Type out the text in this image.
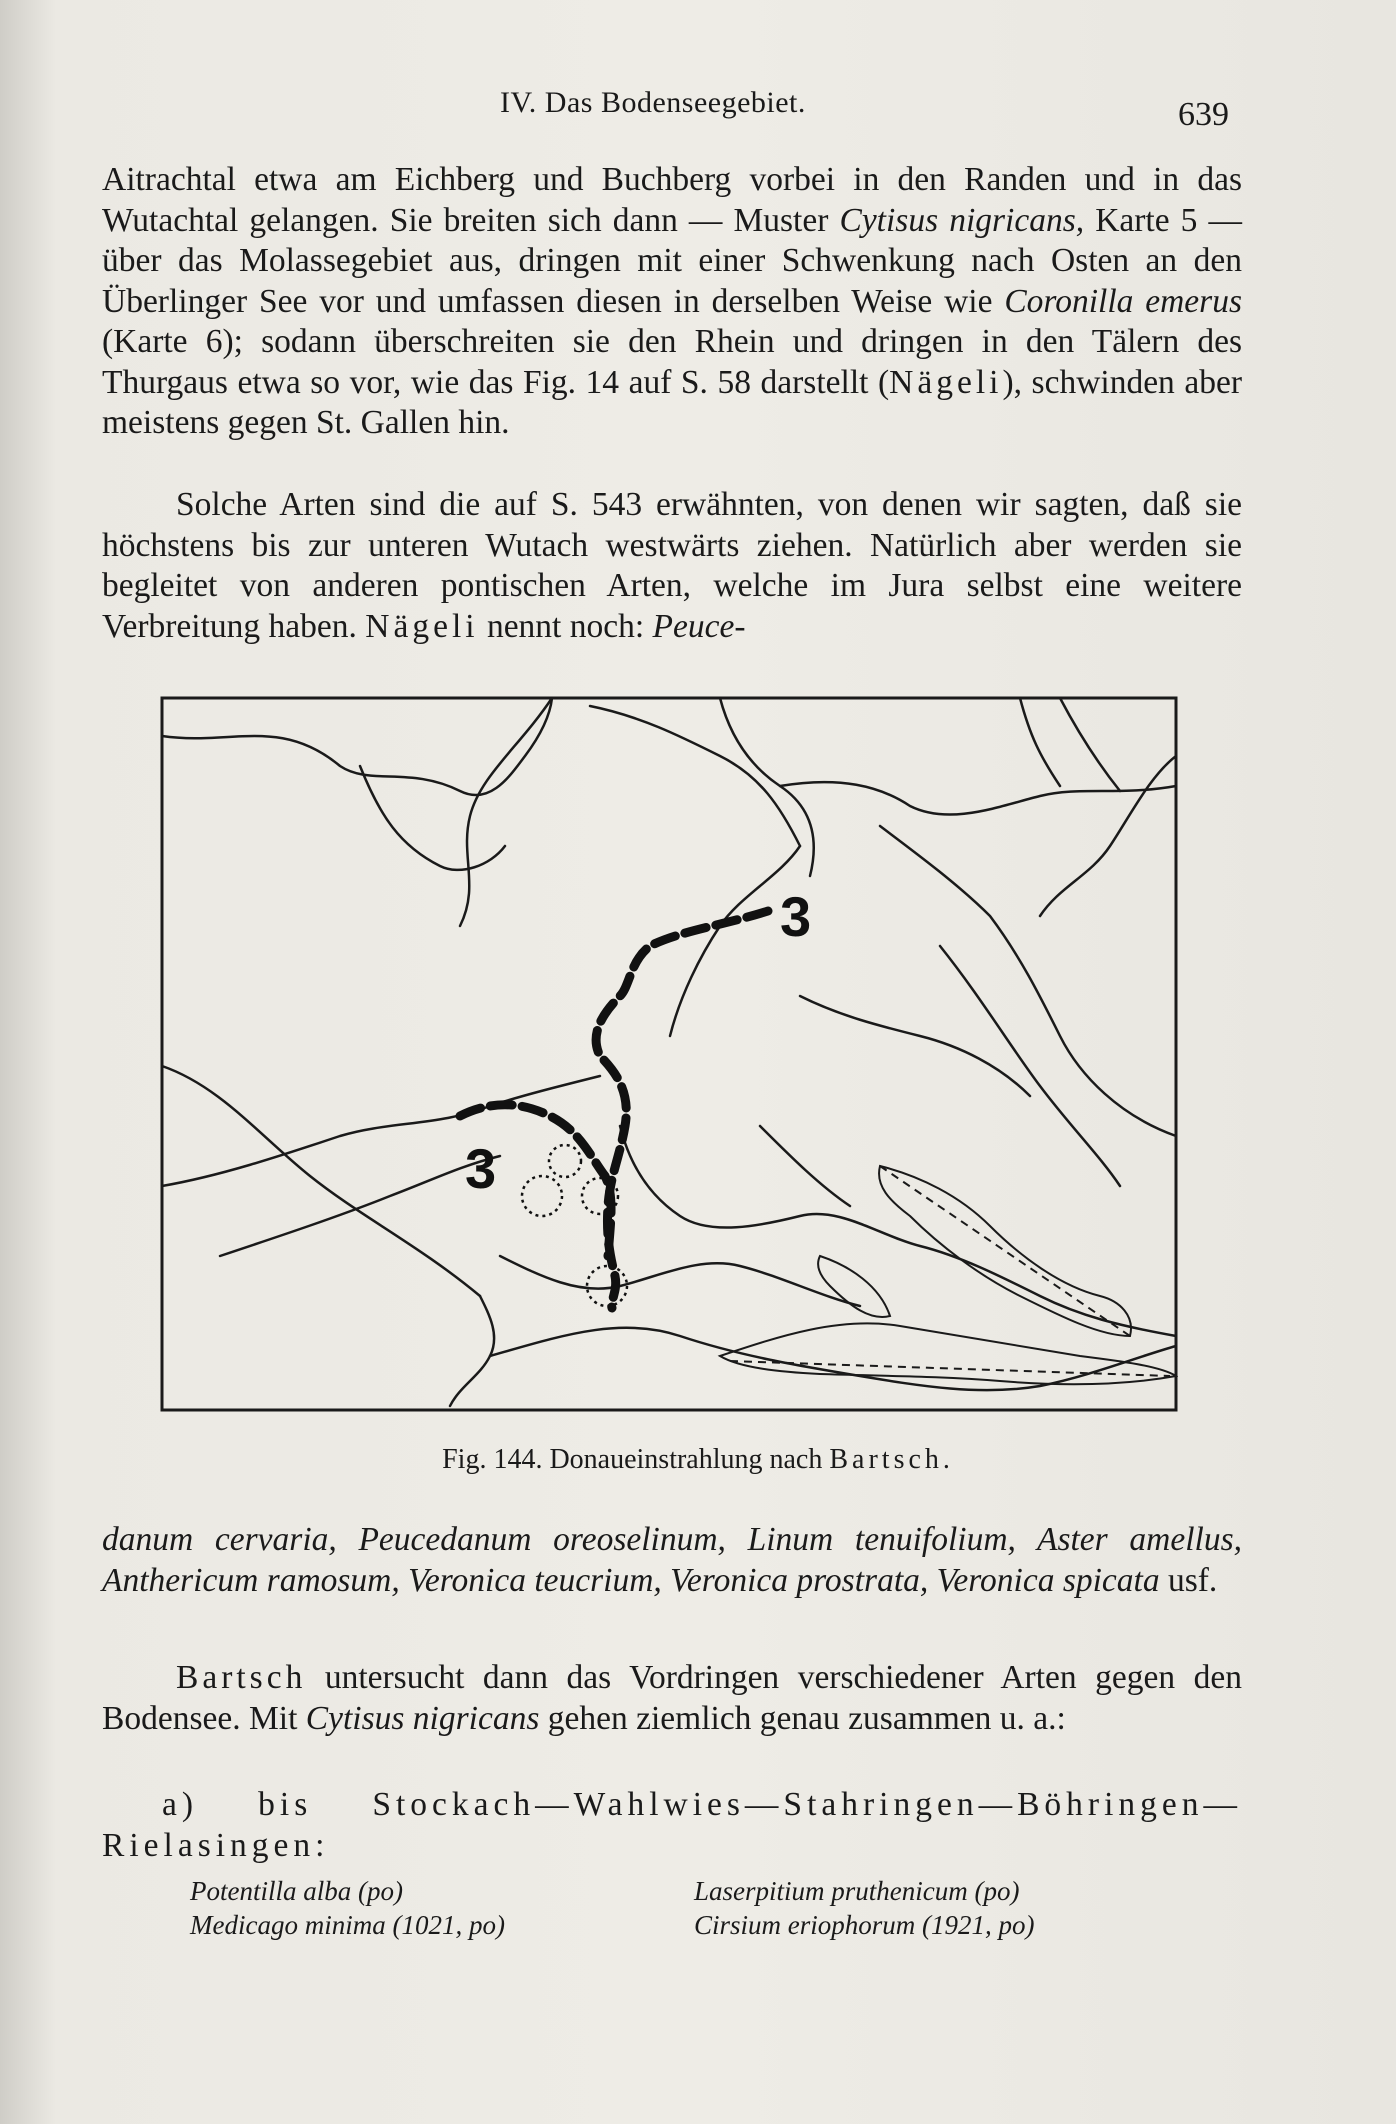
IV. Das Bodenseegebiet.	639

Aitrachtal etwa am Eichberg und Buchberg vorbei in den Randen und in das Wutachtal gelangen. Sie breiten sich dann — Muster Cytisus nigricans, Karte 5 — über das Molassegebiet aus, dringen mit einer Schwenkung nach Osten an den Überlinger See vor und umfassen diesen in derselben Weise wie Coronilla emerus (Karte 6); sodann überschreiten sie den Rhein und dringen in den Tälern des Thurgaus etwa so vor, wie das Fig. 14 auf S. 58 darstellt (Nägeli), schwinden aber meistens gegen St. Gallen hin.

Solche Arten sind die auf S. 543 erwähnten, von denen wir sagten, daß sie höchstens bis zur unteren Wutach westwärts ziehen. Natürlich aber werden sie begleitet von anderen pontischen Arten, welche im Jura selbst eine weitere Verbreitung haben. Nägeli nennt noch: Peuce-

3
3
Fig. 144. Donaueinstrahlung nach Bartsch.

danum cervaria, Peucedanum oreoselinum, Linum tenuifolium, Aster amellus, Anthericum ramosum, Veronica teucrium, Veronica prostrata, Veronica spicata usf.

Bartsch untersucht dann das Vordringen verschiedener Arten gegen den Bodensee. Mit Cytisus nigricans gehen ziemlich genau zusammen u. a.:

a) bis Stockach—Wahlwies—Stahringen—Böhringen—Rielasingen:

Potentilla alba (po)
Medicago minima (1021, po)
Laserpitium pruthenicum (po)
Cirsium eriophorum (1921, po)
